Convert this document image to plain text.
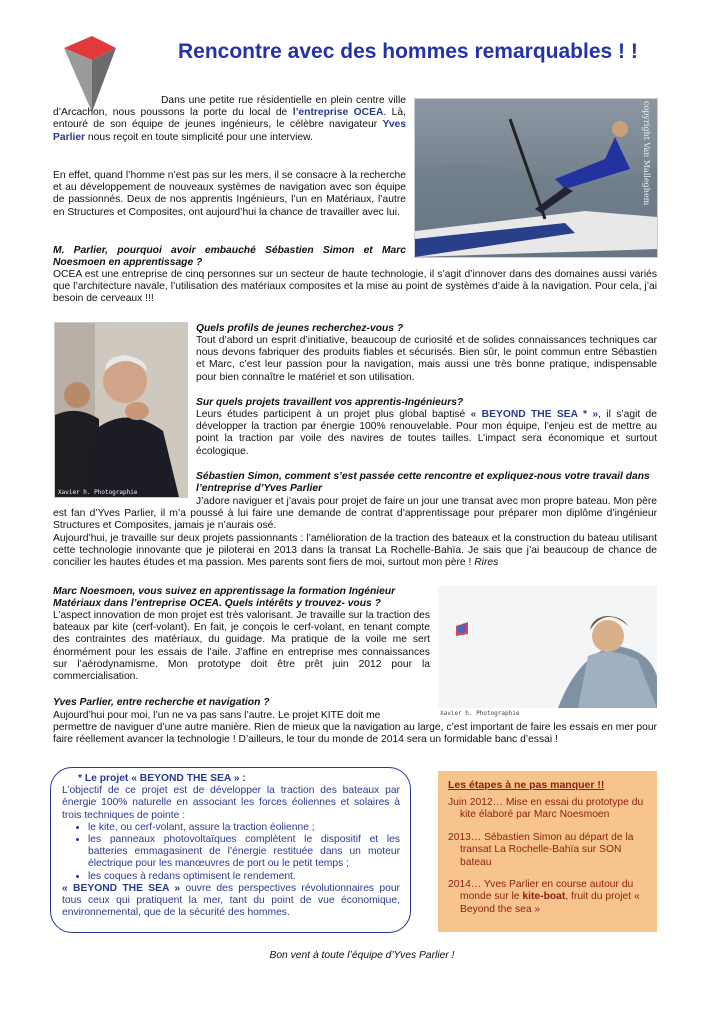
Rencontre avec des hommes remarquables ! !

Dans une petite rue résidentielle en plein centre ville d’Arcachon, nous poussons la porte du local de l’entreprise OCEA. Là, entouré de son équipe de jeunes ingénieurs, le célèbre navigateur Yves Parlier nous reçoit en toute simplicité pour une interview.

En effet, quand l’homme n’est pas sur les mers, il se consacre à la recherche et au développement de nouveaux systèmes de navigation avec son équipe de passionnés. Deux de nos apprentis Ingénieurs, l’un en Matériaux, l’autre en Structures et Composites, ont aujourd’hui la chance de travailler avec lui.

copyright Van Malleghem

M. Parlier, pourquoi avoir embauché Sébastien Simon et Marc Noesmoen en apprentissage ?

OCEA est une entreprise de cinq personnes sur un secteur de haute technologie, il s’agit d’innover dans des domaines aussi variés que l’architecture navale, l’utilisation des matériaux composites et la mise au point de systèmes d’aide à la navigation. Pour cela, j’ai besoin de cerveaux !!!

Xavier h. Photographie

Quels profils de jeunes recherchez-vous ?

Tout d’abord un esprit d’initiative, beaucoup de curiosité et de solides connaissances techniques car nous devons fabriquer des produits fiables et sécurisés. Bien sûr, le point commun entre Sébastien et Marc, c’est leur passion pour la navigation, mais aussi une très bonne pratique, indispensable pour bien connaître le matériel et son utilisation.

Sur quels projets travaillent vos apprentis-Ingénieurs?

Leurs études participent à un projet plus global baptisé « BEYOND THE SEA * », il s’agit de développer la traction par énergie 100% renouvelable. Pour mon équipe, l’enjeu est de mettre au point la traction par voile des navires de toutes tailles. L’impact sera économique et surtout écologique.

Sébastien Simon, comment s’est passée cette rencontre et expliquez-nous votre travail dans l’entreprise d’Yves Parlier

J’adore naviguer et j’avais pour projet de faire un jour une transat avec mon propre bateau. Mon père est fan d’Yves Parlier, il m’a poussé à lui faire une demande de contrat d’apprentissage pour préparer mon diplôme d’ingénieur Structures et Composites, jamais je n’aurais osé.

Aujourd’hui, je travaille sur deux projets passionnants : l’amélioration de la traction des bateaux et la construction du bateau utilisant cette technologie innovante que je piloterai en 2013 dans la transat La Rochelle-Bahïa. Je sais que j’ai beaucoup de chance de concilier les hautes études et ma passion. Mes parents sont fiers de moi, surtout mon père ! Rires

Xavier h. Photographie

Marc Noesmoen, vous suivez en apprentissage la formation Ingénieur Matériaux dans l’entreprise OCEA. Quels intérêts y trouvez- vous ?

L’aspect innovation de mon projet est très valorisant. Je travaille sur la traction des bateaux par kite (cerf-volant). En fait, je conçois le cerf-volant, en tenant compte des contraintes des matériaux, du guidage. Ma pratique de la voile me sert énormément pour les essais de l’aile. J’affine en entreprise mes connaissances sur l’aérodynamisme. Mon prototype doit être prêt juin 2012 pour la commercialisation.

Yves Parlier, entre recherche et navigation ?

Aujourd’hui pour moi, l’un ne va pas sans l’autre. Le projet KITE doit me

permettre de naviguer d’une autre manière. Rien de mieux que la navigation au large, c’est important de faire les essais en mer pour faire réellement avancer la technologie ! D’ailleurs, le tour du monde de 2014 sera un formidable banc d’essai !

* Le projet « BEYOND THE SEA » :

L’objectif de ce projet est de développer la traction des bateaux par énergie 100% naturelle en associant les forces éoliennes et solaires à trois techniques de pointe :

• le kite, ou cerf-volant, assure la traction éolienne ;
• les panneaux photovoltaïques complètent le dispositif et les batteries emmagasinent de l’énergie restituée dans un moteur électrique pour les manœuvres de port ou le petit temps ;
• les coques à redans optimisent le rendement.

« BEYOND THE SEA » ouvre des perspectives révolutionnaires pour tous ceux qui pratiquent la mer, tant du point de vue économique, environnemental, que de la sécurité des hommes.

Les étapes à ne pas manquer !!
Juin 2012… Mise en essai du prototype du kite élaboré par Marc Noesmoen
2013… Sébastien Simon au départ de la transat La Rochelle-Bahïa sur SON bateau
2014… Yves Parlier en course autour du monde sur le kite-boat, fruit du projet « Beyond the sea »
Bon vent à toute l’équipe d’Yves Parlier !
